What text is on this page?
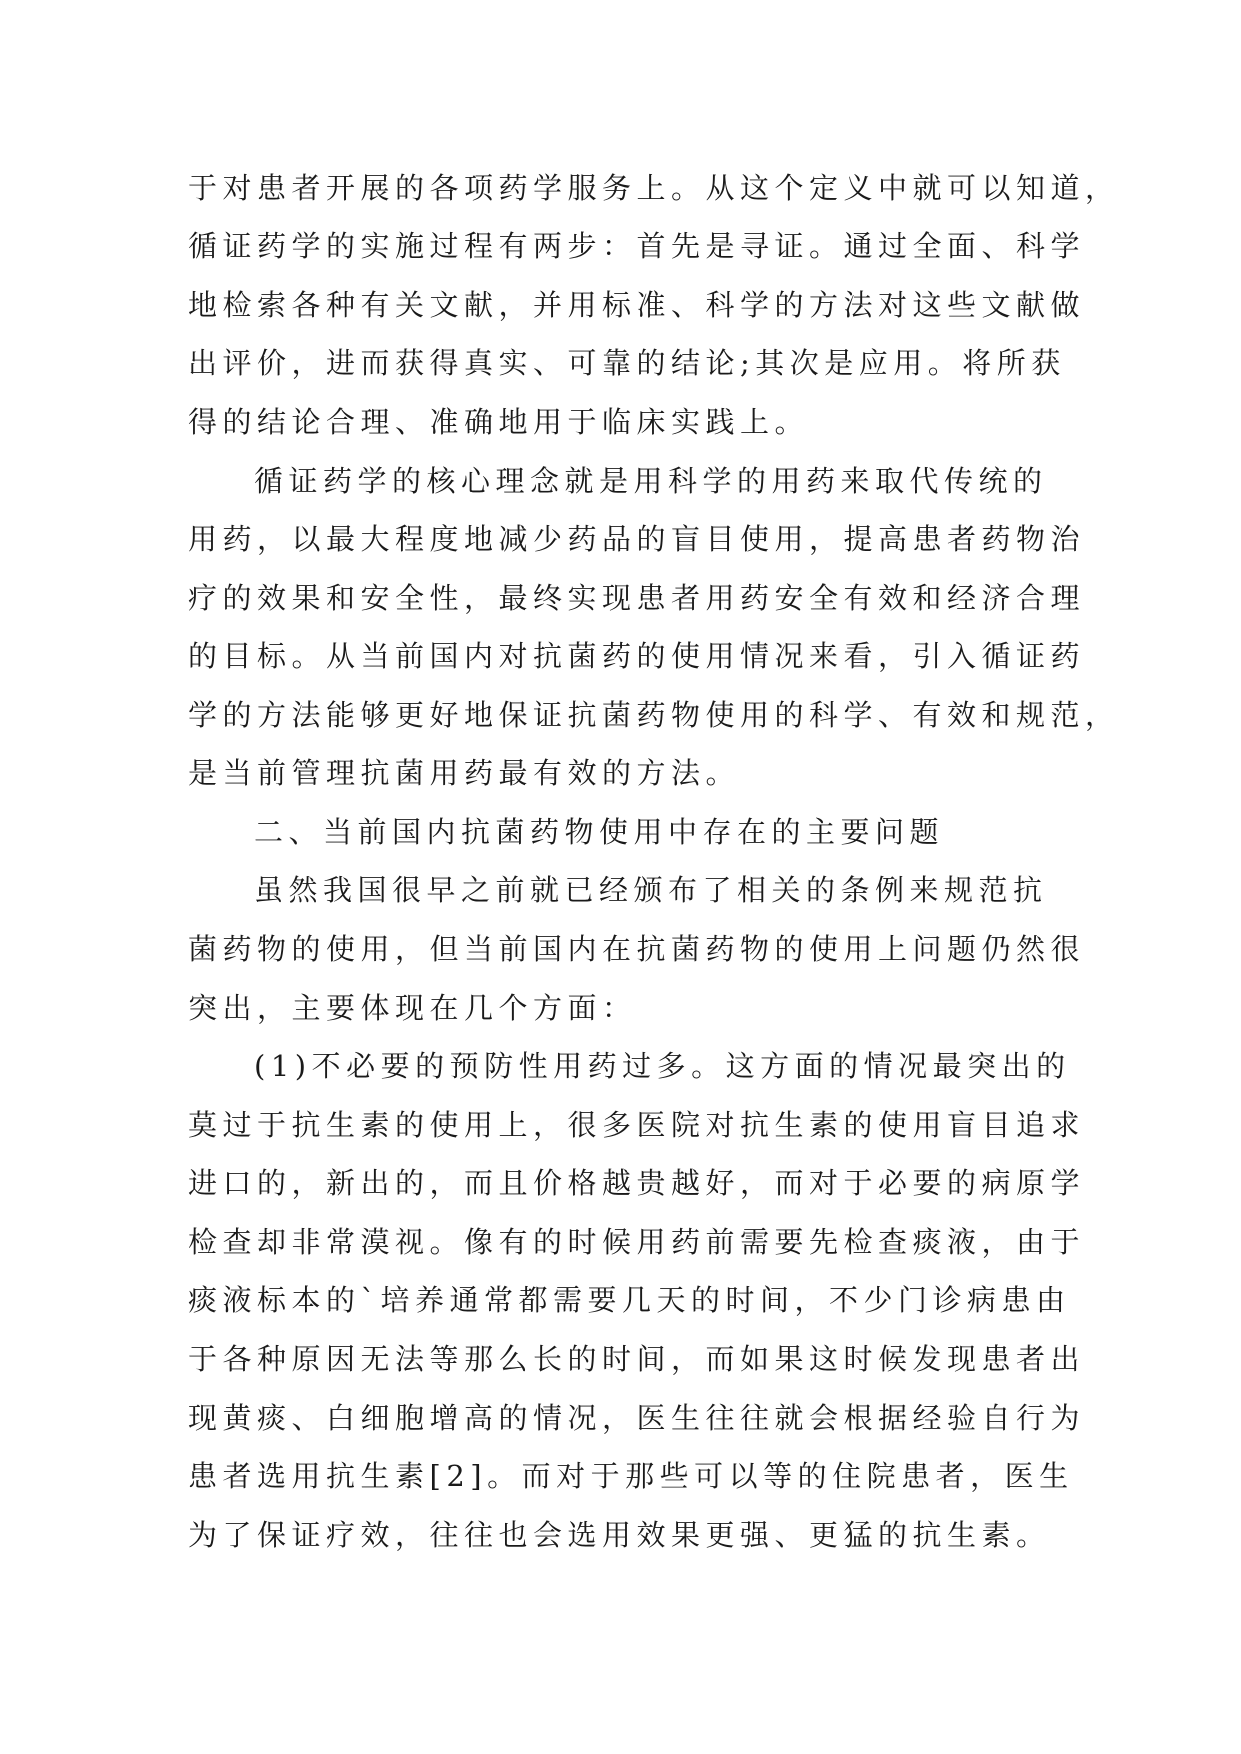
于对患者开展的各项药学服务上。从这个定义中就可以知道，

循证药学的实施过程有两步：首先是寻证。通过全面、科学

地检索各种有关文献，并用标准、科学的方法对这些文献做

出评价，进而获得真实、可靠的结论;其次是应用。将所获

得的结论合理、准确地用于临床实践上。

循证药学的核心理念就是用科学的用药来取代传统的

用药，以最大程度地减少药品的盲目使用，提高患者药物治

疗的效果和安全性，最终实现患者用药安全有效和经济合理

的目标。从当前国内对抗菌药的使用情况来看，引入循证药

学的方法能够更好地保证抗菌药物使用的科学、有效和规范，

是当前管理抗菌用药最有效的方法。

二、当前国内抗菌药物使用中存在的主要问题

虽然我国很早之前就已经颁布了相关的条例来规范抗

菌药物的使用，但当前国内在抗菌药物的使用上问题仍然很

突出，主要体现在几个方面：

(1)不必要的预防性用药过多。这方面的情况最突出的

莫过于抗生素的使用上，很多医院对抗生素的使用盲目追求

进口的，新出的，而且价格越贵越好，而对于必要的病原学

检查却非常漠视。像有的时候用药前需要先检查痰液，由于

痰液标本的`培养通常都需要几天的时间，不少门诊病患由

于各种原因无法等那么长的时间，而如果这时候发现患者出

现黄痰、白细胞增高的情况，医生往往就会根据经验自行为

患者选用抗生素[2]。而对于那些可以等的住院患者，医生

为了保证疗效，往往也会选用效果更强、更猛的抗生素。
